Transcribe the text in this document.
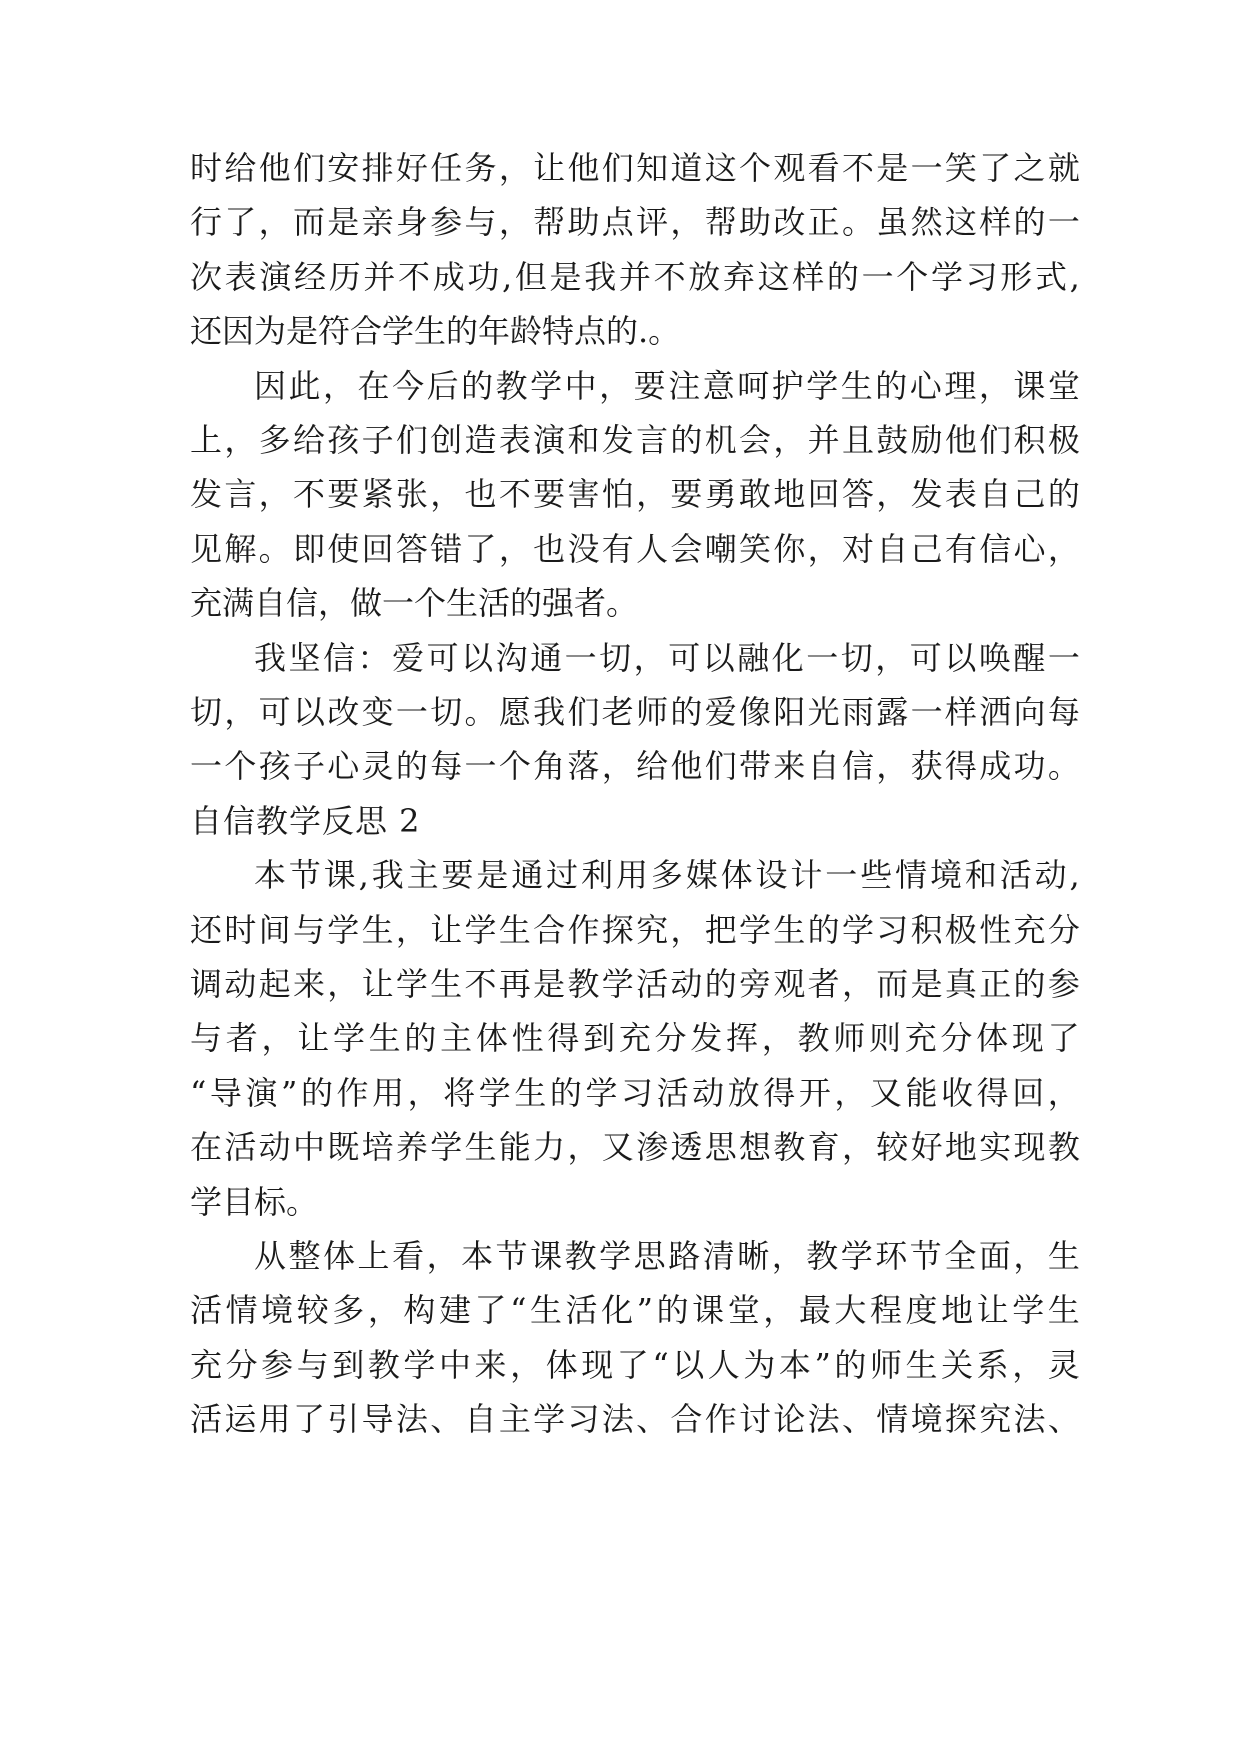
时 给 他 们 安 排 好 任 务 ， 让 他 们 知 道 这 个 观 看 不 是 一 笑 了 之 就
行 了 ， 而 是 亲 身 参 与 ， 帮 助 点 评 ， 帮 助 改 正 。 虽 然 这 样 的 一
次 表 演 经 历 并 不 成 功 , 但 是 我 并 不 放 弃 这 样 的 一 个 学 习 形 式 ,
还因为是符合学生的年龄特点的.。
因 此 ， 在 今 后 的 教 学 中 ， 要 注 意 呵 护 学 生 的 心 理 ， 课 堂
上 ， 多 给 孩 子 们 创 造 表 演 和 发 言 的 机 会 ， 并 且 鼓 励 他 们 积 极
发 言 ， 不 要 紧 张 ， 也 不 要 害 怕 ， 要 勇 敢 地 回 答 ， 发 表 自 己 的
见 解 。 即 使 回 答 错 了 ， 也 没 有 人 会 嘲 笑 你 ， 对 自 己 有 信 心 ，
充满自信，做一个生活的强者。
我 坚 信 ： 爱 可 以 沟 通 一 切 ， 可 以 融 化 一 切 ， 可 以 唤 醒 一
切 ， 可 以 改 变 一 切 。 愿 我 们 老 师 的 爱 像 阳 光 雨 露 一 样 洒 向 每
一 个 孩 子 心 灵 的 每 一 个 角 落 ， 给 他 们 带 来 自 信 ， 获 得 成 功 。
自信教学反思 2
本 节 课 , 我 主 要 是 通 过 利 用 多 媒 体 设 计 一 些 情 境 和 活 动 ,
还 时 间 与 学 生 ， 让 学 生 合 作 探 究 ， 把 学 生 的 学 习 积 极 性 充 分
调 动 起 来 ， 让 学 生 不 再 是 教 学 活 动 的 旁 观 者 ， 而 是 真 正 的 参
与 者 ， 让 学 生 的 主 体 性 得 到 充 分 发 挥 ， 教 师 则 充 分 体 现 了
“ 导 演 ” 的 作 用 ， 将 学 生 的 学 习 活 动 放 得 开 ， 又 能 收 得 回 ，
在 活 动 中 既 培 养 学 生 能 力 ， 又 渗 透 思 想 教 育 ， 较 好 地 实 现 教
学目标。
从 整 体 上 看 ， 本 节 课 教 学 思 路 清 晰 ， 教 学 环 节 全 面 ， 生
活 情 境 较 多 ， 构 建 了 “ 生 活 化 ” 的 课 堂 ， 最 大 程 度 地 让 学 生
充 分 参 与 到 教 学 中 来 ， 体 现 了 “ 以 人 为 本 ” 的 师 生 关 系 ， 灵
活 运 用 了 引 导 法 、 自 主 学 习 法 、 合 作 讨 论 法 、 情 境 探 究 法 、
